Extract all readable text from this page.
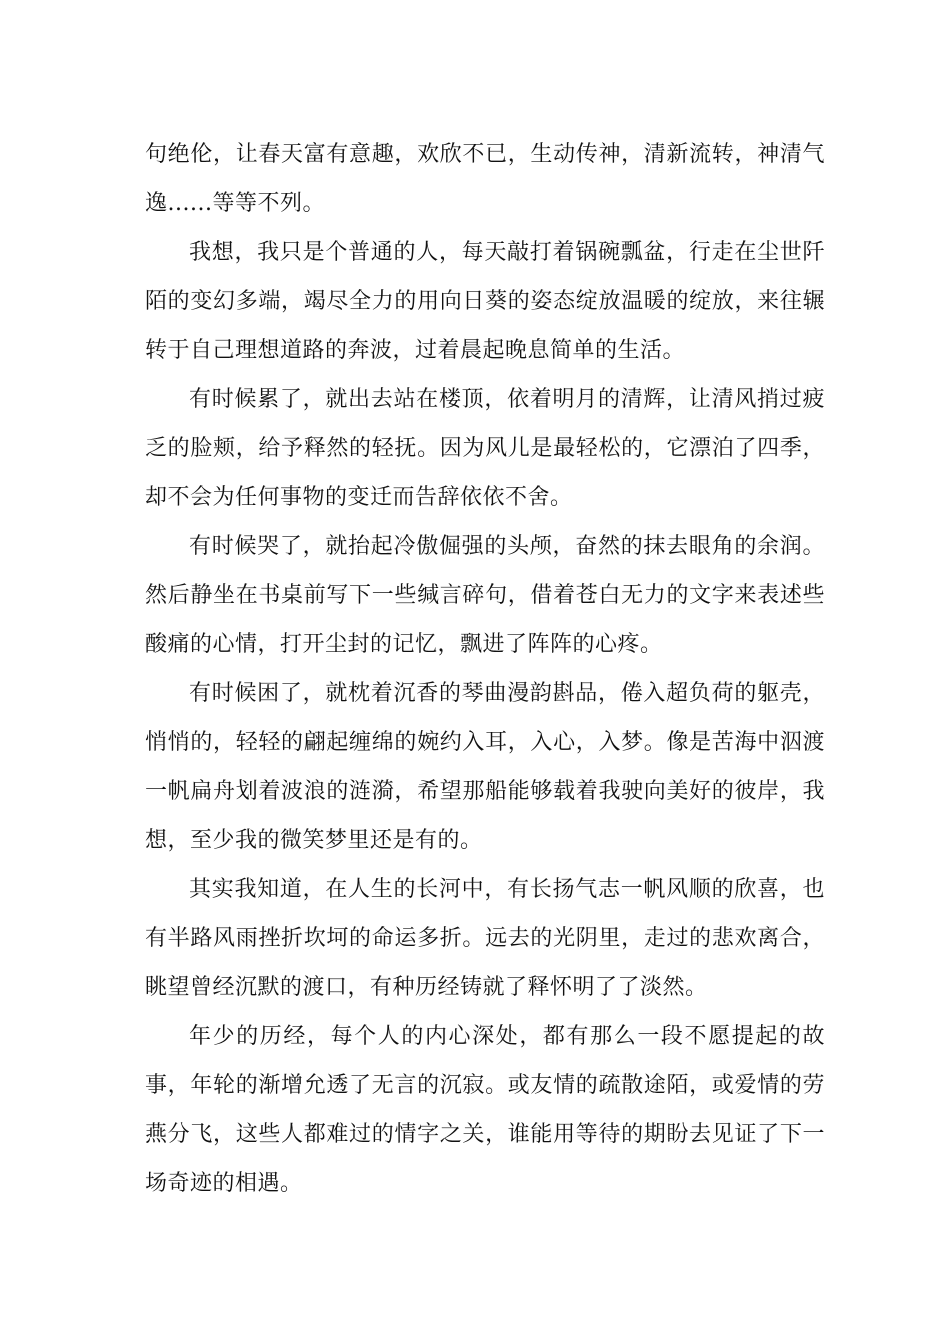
句绝伦，让春天富有意趣，欢欣不已，生动传神，清新流转，神清气逸......等等不列。

我想，我只是个普通的人，每天敲打着锅碗瓢盆，行走在尘世阡陌的变幻多端，竭尽全力的用向日葵的姿态绽放温暖的绽放，来往辗转于自己理想道路的奔波，过着晨起晚息简单的生活。

有时候累了，就出去站在楼顶，依着明月的清辉，让清风捎过疲乏的脸颊，给予释然的轻抚。因为风儿是最轻松的，它漂泊了四季，却不会为任何事物的变迁而告辞依依不舍。

有时候哭了，就抬起冷傲倔强的头颅，奋然的抹去眼角的余润。然后静坐在书桌前写下一些缄言碎句，借着苍白无力的文字来表述些酸痛的心情，打开尘封的记忆，飘进了阵阵的心疼。

有时候困了，就枕着沉香的琴曲漫韵斟品，倦入超负荷的躯壳，悄悄的，轻轻的翩起缠绵的婉约入耳，入心，入梦。像是苦海中泅渡一帆扁舟划着波浪的涟漪，希望那船能够载着我驶向美好的彼岸，我想，至少我的微笑梦里还是有的。

其实我知道，在人生的长河中，有长扬气志一帆风顺的欣喜，也有半路风雨挫折坎坷的命运多折。远去的光阴里，走过的悲欢离合，眺望曾经沉默的渡口，有种历经铸就了释怀明了了淡然。

年少的历经，每个人的内心深处，都有那么一段不愿提起的故事，年轮的渐增允透了无言的沉寂。或友情的疏散途陌，或爱情的劳燕分飞，这些人都难过的情字之关，谁能用等待的期盼去见证了下一场奇迹的相遇。
